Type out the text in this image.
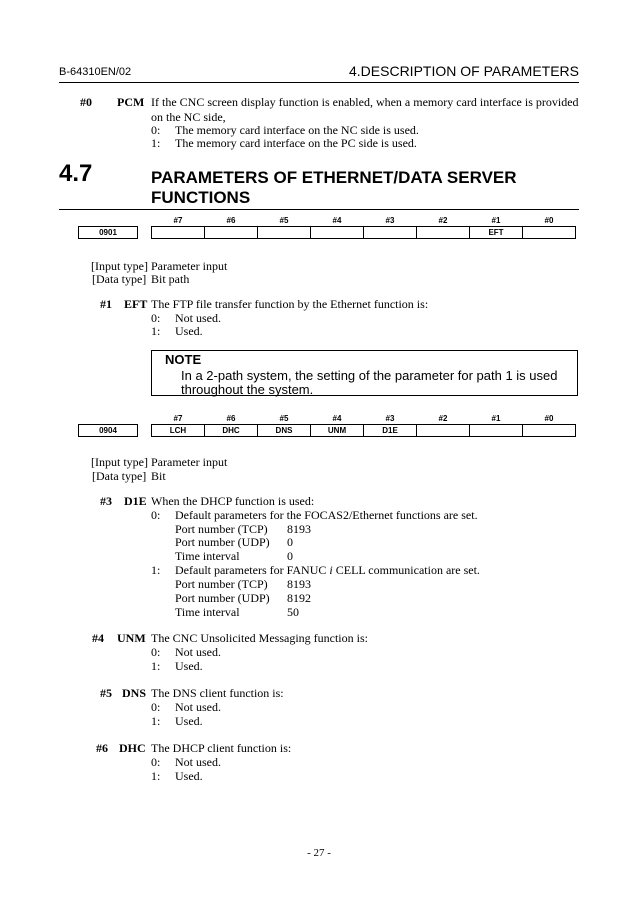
B-64310EN/02	4.DESCRIPTION OF PARAMETERS
#0 PCM If the CNC screen display function is enabled, when a memory card interface is provided
on the NC side,
0: The memory card interface on the NC side is used.
1: The memory card interface on the PC side is used.
4.7	PARAMETERS OF ETHERNET/DATA SERVER
FUNCTIONS
		#7	#6	#5	#4	#3	#2	#1	#0
0901								EFT	
[Input type] Parameter input
[Data type] Bit path
#1 EFT The FTP file transfer function by the Ethernet function is:
0: Not used.
1: Used.
NOTE
In a 2-path system, the setting of the parameter for path 1 is used
throughout the system.
		#7	#6	#5	#4	#3	#2	#1	#0
0904		LCH	DHC	DNS	UNM	D1E			
[Input type] Parameter input
[Data type] Bit
#3 D1E When the DHCP function is used:
0: Default parameters for the FOCAS2/Ethernet functions are set.
Port number (TCP) 8193
Port number (UDP) 0
Time interval	0
1: Default parameters for FANUC i CELL communication are set.
Port number (TCP) 8193
Port number (UDP) 8192
Time interval	50
#4 UNM The CNC Unsolicited Messaging function is:
0: Not used.
1: Used.
#5 DNS The DNS client function is:
0: Not used.
1: Used.
#6 DHC The DHCP client function is:
0: Not used.
1: Used.
- 27 -
